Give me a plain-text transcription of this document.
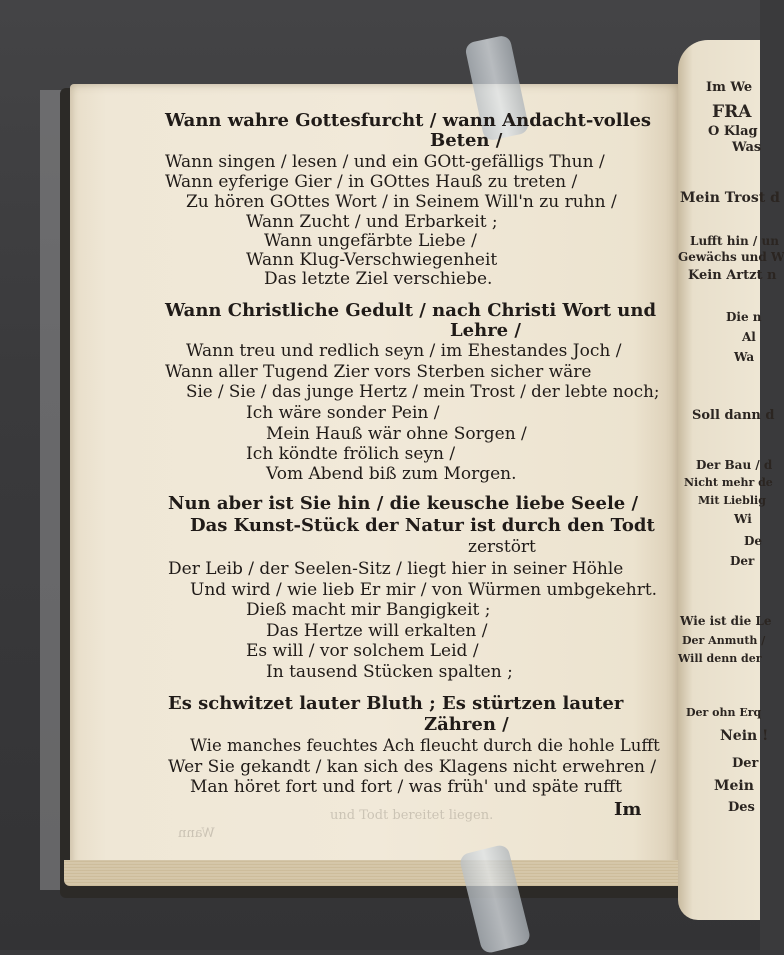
Im We
FRA
O Klag
Was
Mein Trost d
Lufft hin / un
Gewächs und W
Kein Artzt n
Die n
Al
Wa
Soll dann d
Der Bau / d
Nicht mehr de
Mit Lieblig
Wi
De
Der
Wie ist die Le
Der Anmuth /
Will denn der
Der ohn Erq
Nein !
Der
Mein
Des
und Todt bereitet liegen.
Wann
Wann wahre Gottesfurcht / wann Andacht-volles
Beten /
Wann singen / lesen / und ein GOtt-gefälligs Thun /
Wann eyferige Gier / in GOttes Hauß zu treten /
Zu hören GOttes Wort / in Seinem Will'n zu ruhn /
Wann Zucht / und Erbarkeit ;
Wann ungefärbte Liebe /
Wann Klug-Verschwiegenheit
Das letzte Ziel verschiebe.
Wann Christliche Gedult / nach Christi Wort und
Lehre /
Wann treu und redlich seyn / im Ehestandes Joch /
Wann aller Tugend Zier vors Sterben sicher wäre
Sie / Sie / das junge Hertz / mein Trost / der lebte noch;
Ich wäre sonder Pein /
Mein Hauß wär ohne Sorgen /
Ich köndte frölich seyn /
Vom Abend biß zum Morgen.
Nun aber ist Sie hin / die keusche liebe Seele /
Das Kunst-Stück der Natur ist durch den Todt
zerstört
Der Leib / der Seelen-Sitz / liegt hier in seiner Höhle
Und wird / wie lieb Er mir / von Würmen umbgekehrt.
Dieß macht mir Bangigkeit ;
Das Hertze will erkalten /
Es will / vor solchem Leid /
In tausend Stücken spalten ;
Es schwitzet lauter Bluth ; Es stürtzen lauter
Zähren /
Wie manches feuchtes Ach fleucht durch die hohle Lufft
Wer Sie gekandt / kan sich des Klagens nicht erwehren /
Man höret fort und fort / was früh' und späte rufft
Im
